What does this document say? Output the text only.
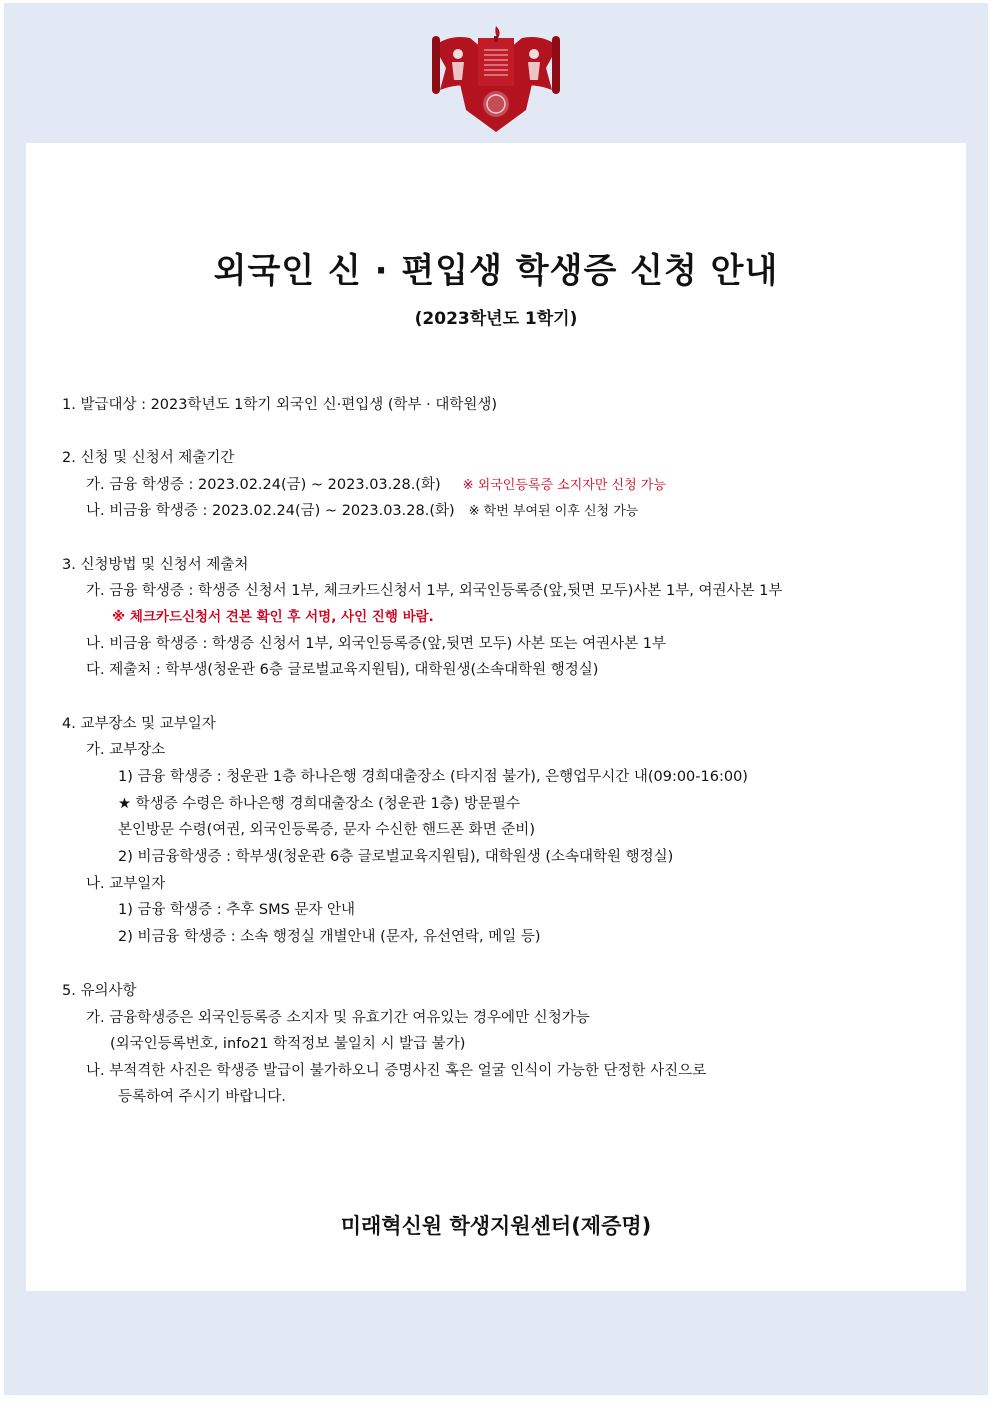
외국인 신 · 편입생 학생증 신청 안내
(2023학년도 1학기)
1. 발급대상 : 2023학년도 1학기 외국인 신·편입생 (학부 · 대학원생)
2. 신청 및 신청서 제출기간
가. 금융 학생증 : 2023.02.24(금) ~ 2023.03.28.(화) ※ 외국인등록증 소지자만 신청 가능
나. 비금융 학생증 : 2023.02.24(금) ~ 2023.03.28.(화) ※ 학번 부여된 이후 신청 가능
3. 신청방법 및 신청서 제출처
가. 금융 학생증 : 학생증 신청서 1부, 체크카드신청서 1부, 외국인등록증(앞,뒷면 모두)사본 1부, 여권사본 1부
※ 체크카드신청서 견본 확인 후 서명, 사인 진행 바람.
나. 비금융 학생증 : 학생증 신청서 1부, 외국인등록증(앞,뒷면 모두) 사본 또는 여권사본 1부
다. 제출처 : 학부생(청운관 6층 글로벌교육지원팀), 대학원생(소속대학원 행정실)
4. 교부장소 및 교부일자
가. 교부장소
1) 금융 학생증 : 청운관 1층 하나은행 경희대출장소 (타지점 불가), 은행업무시간 내(09:00-16:00)
★ 학생증 수령은 하나은행 경희대출장소 (청운관 1층) 방문필수
본인방문 수령(여권, 외국인등록증, 문자 수신한 핸드폰 화면 준비)
2) 비금융학생증 : 학부생(청운관 6층 글로벌교육지원팀), 대학원생 (소속대학원 행정실)
나. 교부일자
1) 금융 학생증 : 추후 SMS 문자 안내
2) 비금융 학생증 : 소속 행정실 개별안내 (문자, 유선연락, 메일 등)
5. 유의사항
가. 금융학생증은 외국인등록증 소지자 및 유효기간 여유있는 경우에만 신청가능
(외국인등록번호, info21 학적정보 불일치 시 발급 불가)
나. 부적격한 사진은 학생증 발급이 불가하오니 증명사진 혹은 얼굴 인식이 가능한 단정한 사진으로
등록하여 주시기 바랍니다.
미래혁신원 학생지원센터(제증명)
